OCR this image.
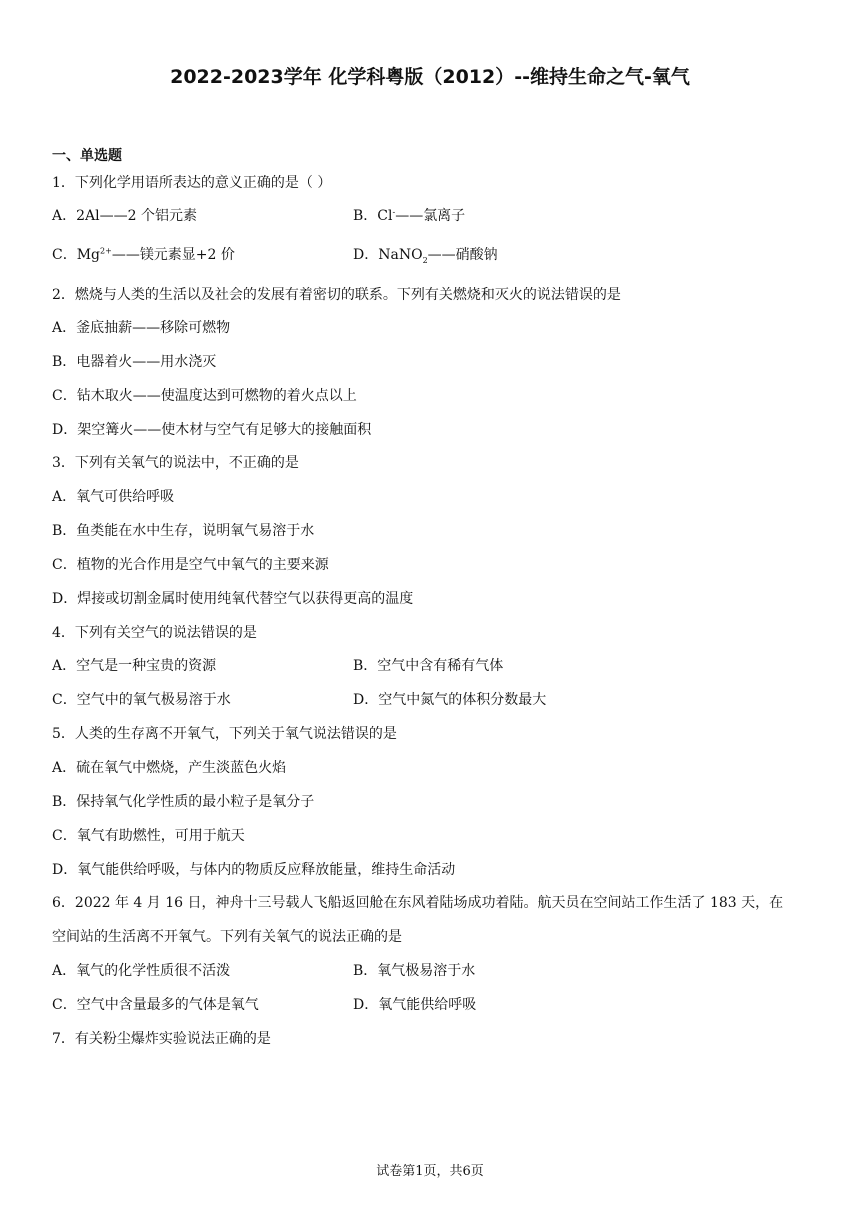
2022-2023学年 化学科粤版（2012）--维持生命之气-氧气
一、单选题
1．下列化学用语所表达的意义正确的是（ ）
A．2Al——2 个铝元素	B．Cl-——氯离子
C．$Mg^{2+}——$镁元素显+2 价	D．NaNO$_2$——硝酸钠
2．燃烧与人类的生活以及社会的发展有着密切的联系。下列有关燃烧和灭火的说法错误的是
A．釜底抽薪——移除可燃物
B．电器着火——用水浇灭
C．钻木取火——使温度达到可燃物的着火点以上
D．架空篝火——使木材与空气有足够大的接触面积
3．下列有关氧气的说法中，不正确的是
A．氧气可供给呼吸
B．鱼类能在水中生存，说明氧气易溶于水
C．植物的光合作用是空气中氧气的主要来源
D．焊接或切割金属时使用纯氧代替空气以获得更高的温度
4．下列有关空气的说法错误的是
A．空气是一种宝贵的资源	B．空气中含有稀有气体
C．空气中的氧气极易溶于水	D．空气中氮气的体积分数最大
5．人类的生存离不开氧气，下列关于氧气说法错误的是
A．硫在氧气中燃烧，产生淡蓝色火焰
B．保持氧气化学性质的最小粒子是氧分子
C．氧气有助燃性，可用于航天
D．氧气能供给呼吸，与体内的物质反应释放能量，维持生命活动
6．2022 年 4 月 16 日，神舟十三号载人飞船返回舱在东风着陆场成功着陆。航天员在空间站工作生活了 183 天，在
空间站的生活离不开氧气。下列有关氧气的说法正确的是
A．氧气的化学性质很不活泼	B．氧气极易溶于水
C．空气中含量最多的气体是氧气	D．氧气能供给呼吸
7．有关粉尘爆炸实验说法正确的是
试卷第1页，共6页
